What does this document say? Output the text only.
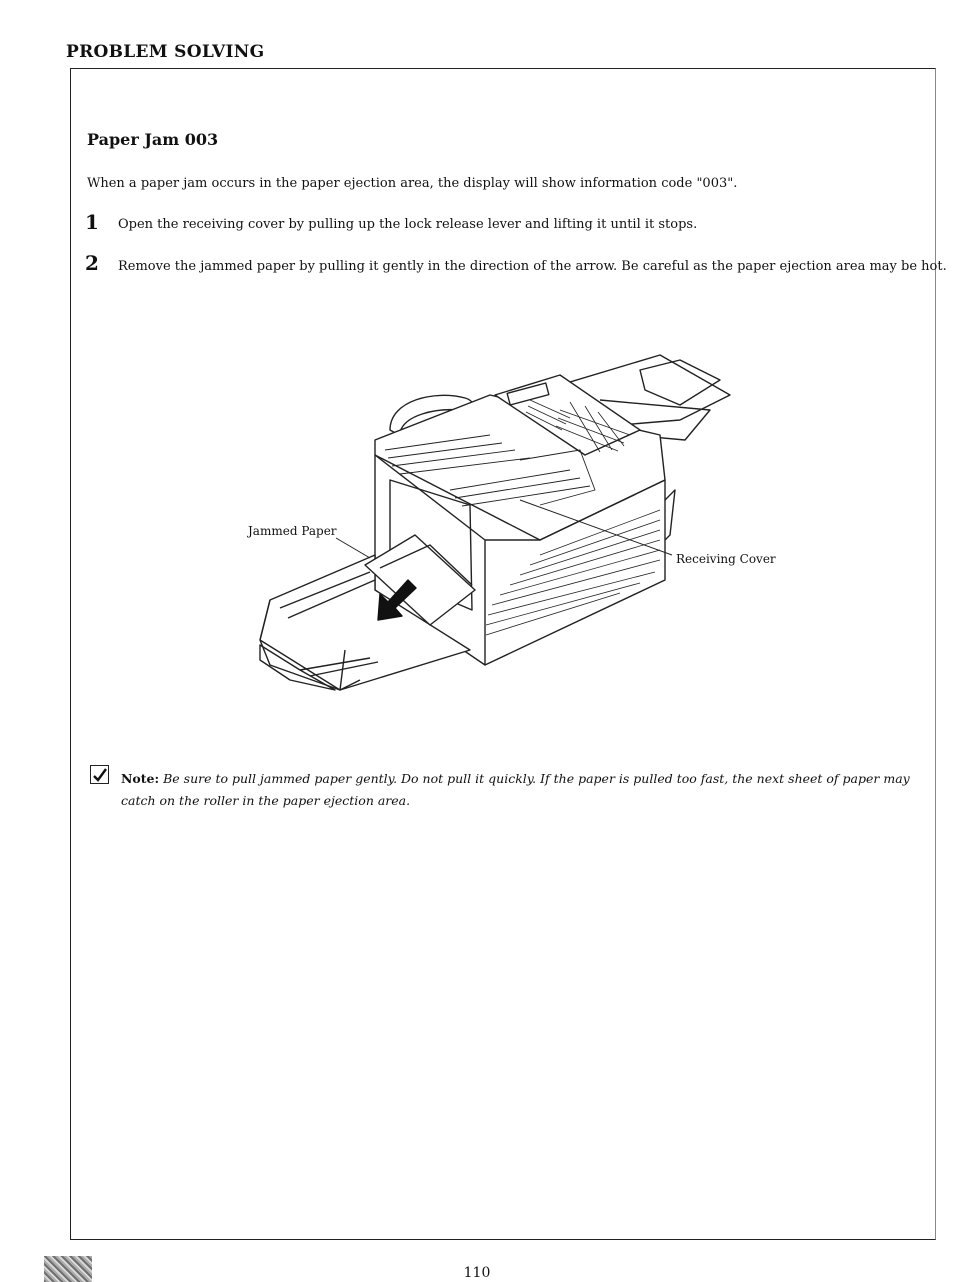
PROBLEM SOLVING
Paper Jam 003
When a paper jam occurs in the paper ejection area, the display will show information code "003".
1 Open the receiving cover by pulling up the lock release lever and lifting it until it stops.
2 Remove the jammed paper by pulling it gently in the direction of the arrow. Be careful as the paper ejection area may be hot.
Jammed Paper
Receiving Cover
Note: Be sure to pull jammed paper gently. Do not pull it quickly. If the paper is pulled too fast, the next sheet of paper may catch on the roller in the paper ejection area.
110
